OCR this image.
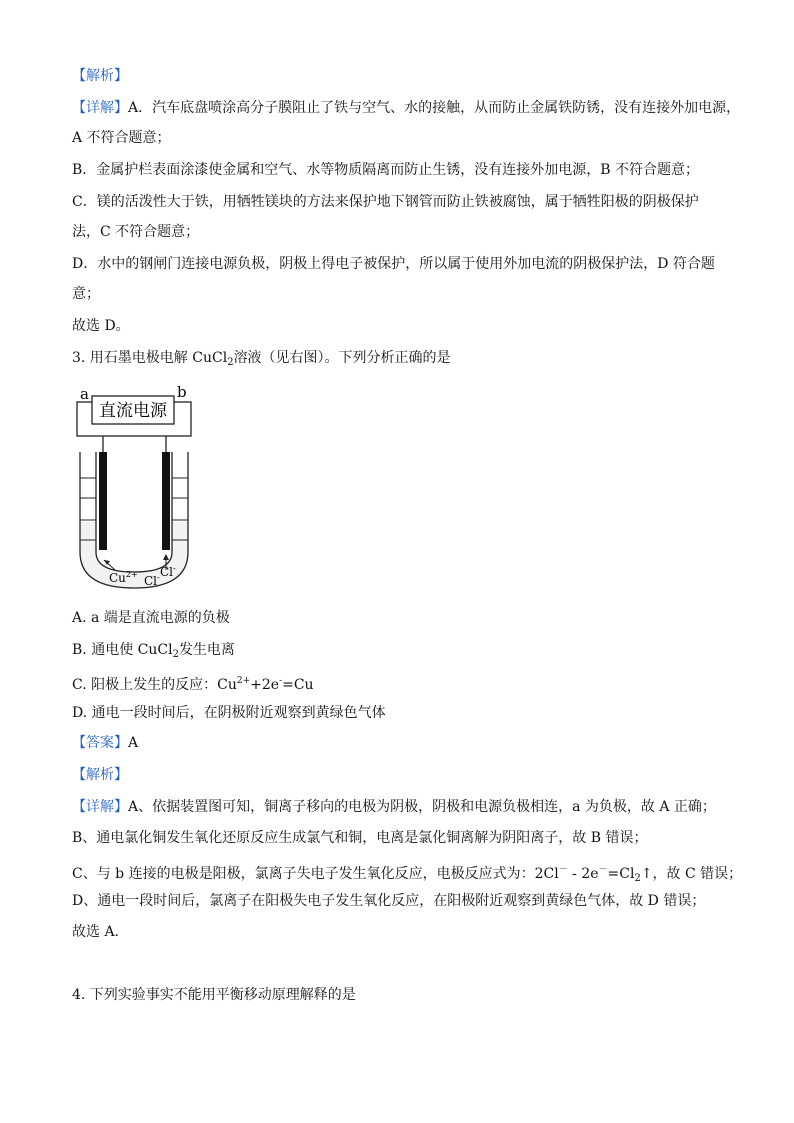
【解析】
【详解】A．汽车底盘喷涂高分子膜阻止了铁与空气、水的接触，从而防止金属铁防锈，没有连接外加电源，
A 不符合题意；
B．金属护栏表面涂漆使金属和空气、水等物质隔离而防止生锈，没有连接外加电源，B 不符合题意；
C．镁的活泼性大于铁，用牺牲镁块的方法来保护地下钢管而防止铁被腐蚀，属于牺牲阳极的阴极保护
法，C 不符合题意；
D．水中的钢闸门连接电源负极，阴极上得电子被保护，所以属于使用外加电流的阴极保护法，D 符合题
意；
故选 D。
3. 用石墨电极电解 CuCl$_2$溶液（见右图）。下列分析正确的是
a	b
直流电源
$Cu^{2+}$ Cl- Cl-
A. a 端是直流电源的负极
B. 通电使 CuCl$_2$发生电离
C. 阳极上发生的反应：$Cu^{2+}+2e^-=Cu$
D. 通电一段时间后，在阴极附近观察到黄绿色气体
【答案】A
【解析】
【详解】A、依据装置图可知，铜离子移向的电极为阴极，阴极和电源负极相连，a 为负极，故 A 正确；
B、通电氯化铜发生氧化还原反应生成氯气和铜，电离是氯化铜离解为阴阳离子，故 B 错误；
C、与 b 连接的电极是阳极，氯离子失电子发生氧化反应，电极反应式为：$2Cl^- - 2e^-=Cl_2↑$，故 C 错误；
D、通电一段时间后，氯离子在阳极失电子发生氧化反应，在阳极附近观察到黄绿色气体，故 D 错误；
故选 A．
4. 下列实验事实不能用平衡移动原理解释的是
